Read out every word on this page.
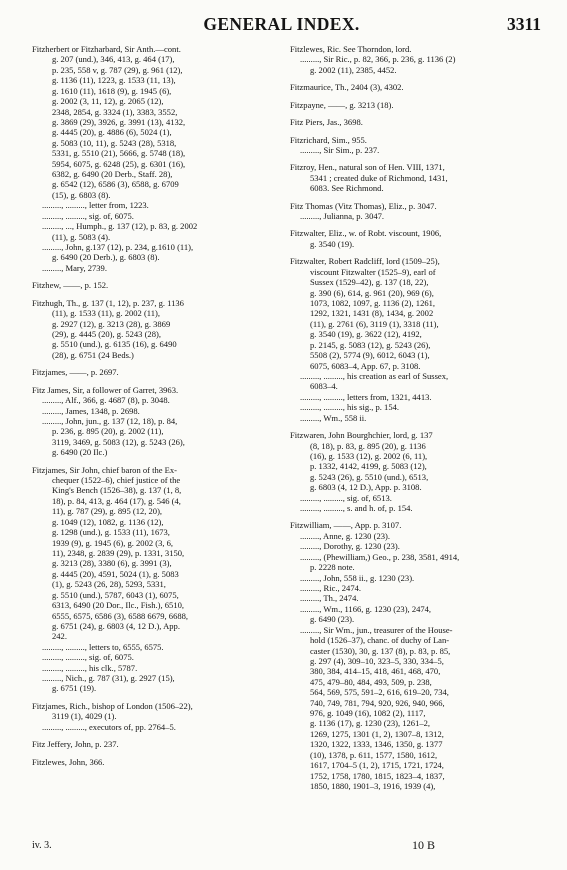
GENERAL INDEX.	3311
Fitzherbert or Fitzharbard, Sir Anth.—cont.
g. 207 (und.), 346, 413, g. 464 (17),
p. 235, 558 v, g. 787 (29), g. 961 (12),
g. 1136 (11), 1223, g. 1533 (11, 13),
g. 1610 (11), 1618 (9), g. 1945 (6),
g. 2002 (3, 11, 12), g. 2065 (12),
2348, 2854, g. 3324 (1), 3383, 3552,
g. 3869 (29), 3926, g. 3991 (13), 4132,
g. 4445 (20), g. 4886 (6), 5024 (1),
g. 5083 (10, 11), g. 5243 (28), 5318,
5331, g. 5510 (21), 5666, g. 5748 (18),
5954, 6075, g. 6248 (25), g. 6301 (16),
6382, g. 6490 (20 Derb., Staff. 28),
g. 6542 (12), 6586 (3), 6588, g. 6709
(15), g. 6803 (8).
........., ........., letter from, 1223.
........., ........., sig. of, 6075.
........., ..., Humph., g. 137 (12), p. 83, g. 2002
(11), g. 5083 (4).
........., John, g.137 (12), p. 234, g.1610 (11),
g. 6490 (20 Derb.), g. 6803 (8).
........., Mary, 2739.
Fitzhew, ——, p. 152.
Fitzhugh, Th., g. 137 (1, 12), p. 237, g. 1136
(11), g. 1533 (11), g. 2002 (11),
g. 2927 (12), g. 3213 (28), g. 3869
(29), g. 4445 (20), g. 5243 (28),
g. 5510 (und.), g. 6135 (16), g. 6490
(28), g. 6751 (24 Beds.)
Fitzjames, ——, p. 2697.
Fitz James, Sir, a follower of Garret, 3963.
........., Alf., 366, g. 4687 (8), p. 3048.
........., James, 1348, p. 2698.
........., John, jun., g. 137 (12, 18), p. 84,
p. 236, g. 895 (20), g. 2002 (11),
3119, 3469, g. 5083 (12), g. 5243 (26),
g. 6490 (20 Ilc.)
Fitzjames, Sir John, chief baron of the Ex-
chequer (1522–6), chief justice of the
King's Bench (1526–38), g. 137 (1, 8,
18), p. 84, 413, g. 464 (17), g. 546 (4,
11), g. 787 (29), g. 895 (12, 20),
g. 1049 (12), 1082, g. 1136 (12),
g. 1298 (und.), g. 1533 (11), 1673,
1939 (9), g. 1945 (6), g. 2002 (3, 6,
11), 2348, g. 2839 (29), p. 1331, 3150,
g. 3213 (28), 3380 (6), g. 3991 (3),
g. 4445 (20), 4591, 5024 (1), g. 5083
(1), g. 5243 (26, 28), 5293, 5331,
g. 5510 (und.), 5787, 6043 (1), 6075,
6313, 6490 (20 Dor., Ilc., Fish.), 6510,
6555, 6575, 6586 (3), 6588 6679, 6688,
g. 6751 (24), g. 6803 (4, 12 D.), App.
242.
........., ........., letters to, 6555, 6575.
........., ........., sig. of, 6075.
........., ........., his clk., 5787.
........., Nich., g. 787 (31), g. 2927 (15),
g. 6751 (19).
Fitzjames, Rich., bishop of London (1506–22),
3119 (1), 4029 (1).
........., ........., executors of, pp. 2764–5.
Fitz Jeffery, John, p. 237.
Fitzlewes, John, 366.
Fitzlewes, Ric. See Thorndon, lord.
........., Sir Ric., p. 82, 366, p. 236, g. 1136 (2)
g. 2002 (11), 2385, 4452.
Fitzmaurice, Th., 2404 (3), 4302.
Fitzpayne, ——, g. 3213 (18).
Fitz Piers, Jas., 3698.
Fitzrichard, Sim., 955.
........., Sir Sim., p. 237.
Fitzroy, Hen., natural son of Hen. VIII, 1371,
5341 ; created duke of Richmond, 1431,
6083. See Richmond.
Fitz Thomas (Vitz Thomas), Eliz., p. 3047.
........., Julianna, p. 3047.
Fitzwalter, Eliz., w. of Robt. viscount, 1906,
g. 3540 (19).
Fitzwalter, Robert Radcliff, lord (1509–25),
viscount Fitzwalter (1525–9), earl of
Sussex (1529–42), g. 137 (18, 22),
g. 390 (6), 614, g. 961 (20), 969 (6),
1073, 1082, 1097, g. 1136 (2), 1261,
1292, 1321, 1431 (8), 1434, g. 2002
(11), g. 2761 (6), 3119 (1), 3318 (11),
g. 3540 (19), g. 3622 (12), 4192,
p. 2145, g. 5083 (12), g. 5243 (26),
5508 (2), 5774 (9), 6012, 6043 (1),
6075, 6083–4, App. 67, p. 3108.
........., ........., his creation as earl of Sussex,
6083–4.
........., ........., letters from, 1321, 4413.
........., ........., his sig., p. 154.
........., Wm., 558 ii.
Fitzwaren, John Bourghchier, lord, g. 137
(8, 18), p. 83, g. 895 (20), g. 1136
(16), g. 1533 (12), g. 2002 (6, 11),
p. 1332, 4142, 4199, g. 5083 (12),
g. 5243 (26), g. 5510 (und.), 6513,
g. 6803 (4, 12 D.), App. p. 3108.
........., ........., sig. of, 6513.
........., ........., s. and h. of, p. 154.
Fitzwilliam, ——, App. p. 3107.
........., Anne, g. 1230 (23).
........., Dorothy, g. 1230 (23).
........., (Phewilliam,) Geo., p. 238, 3581, 4914,
p. 2228 note.
........., John, 558 ii., g. 1230 (23).
........., Ric., 2474.
........., Th., 2474.
........., Wm., 1166, g. 1230 (23), 2474,
g. 6490 (23).
........., Sir Wm., jun., treasurer of the House-
hold (1526–37), chanc. of duchy of Lan-
caster (1530), 30, g. 137 (8), p. 83, p. 85,
g. 297 (4), 309–10, 323–5, 330, 334–5,
380, 384, 414–15, 418, 461, 468, 470,
475, 479–80, 484, 493, 509, p. 238,
564, 569, 575, 591–2, 616, 619–20, 734,
740, 749, 781, 794, 920, 926, 940, 966,
976, g. 1049 (16), 1082 (2), 1117,
g. 1136 (17), g. 1230 (23), 1261–2,
1269, 1275, 1301 (1, 2), 1307–8, 1312,
1320, 1322, 1333, 1346, 1350, g. 1377
(10), 1378, p. 611, 1577, 1580, 1612,
1617, 1704–5 (1, 2), 1715, 1721, 1724,
1752, 1758, 1780, 1815, 1823–4, 1837,
1850, 1880, 1901–3, 1916, 1939 (4),
iv. 3.	10 B
